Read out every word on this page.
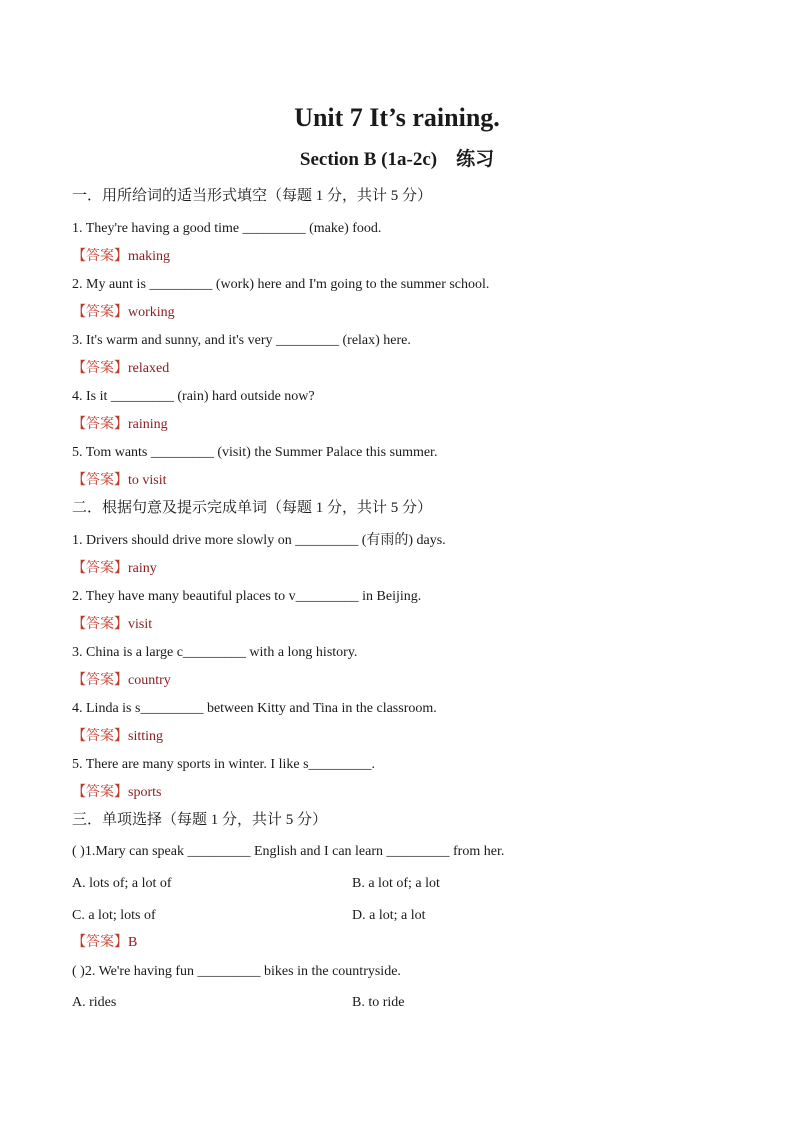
Unit 7 It’s raining.
Section B (1a-2c)　练习
一．用所给词的适当形式填空（每题 1 分，共计 5 分）
1. They're having a good time _________ (make) food.
【答案】making
2. My aunt is _________ (work) here and I'm going to the summer school.
【答案】working
3. It's warm and sunny, and it's very _________ (relax) here.
【答案】relaxed
4. Is it _________ (rain) hard outside now?
【答案】raining
5. Tom wants _________ (visit) the Summer Palace this summer.
【答案】to visit
二．根据句意及提示完成单词（每题 1 分，共计 5 分）
1. Drivers should drive more slowly on _________ (有雨的) days.
【答案】rainy
2. They have many beautiful places to v_________ in Beijing.
【答案】visit
3. China is a large c_________ with a long history.
【答案】country
4. Linda is s_________ between Kitty and Tina in the classroom.
【答案】sitting
5. There are many sports in winter. I like s_________.
【答案】sports
三．单项选择（每题 1 分，共计 5 分）
( )1.Mary can speak _________ English and I can learn _________ from her.
A. lots of; a lot of	B. a lot of; a lot
C. a lot; lots of	D. a lot; a lot
【答案】B
( )2. We're having fun _________ bikes in the countryside.
A. rides	B. to ride
